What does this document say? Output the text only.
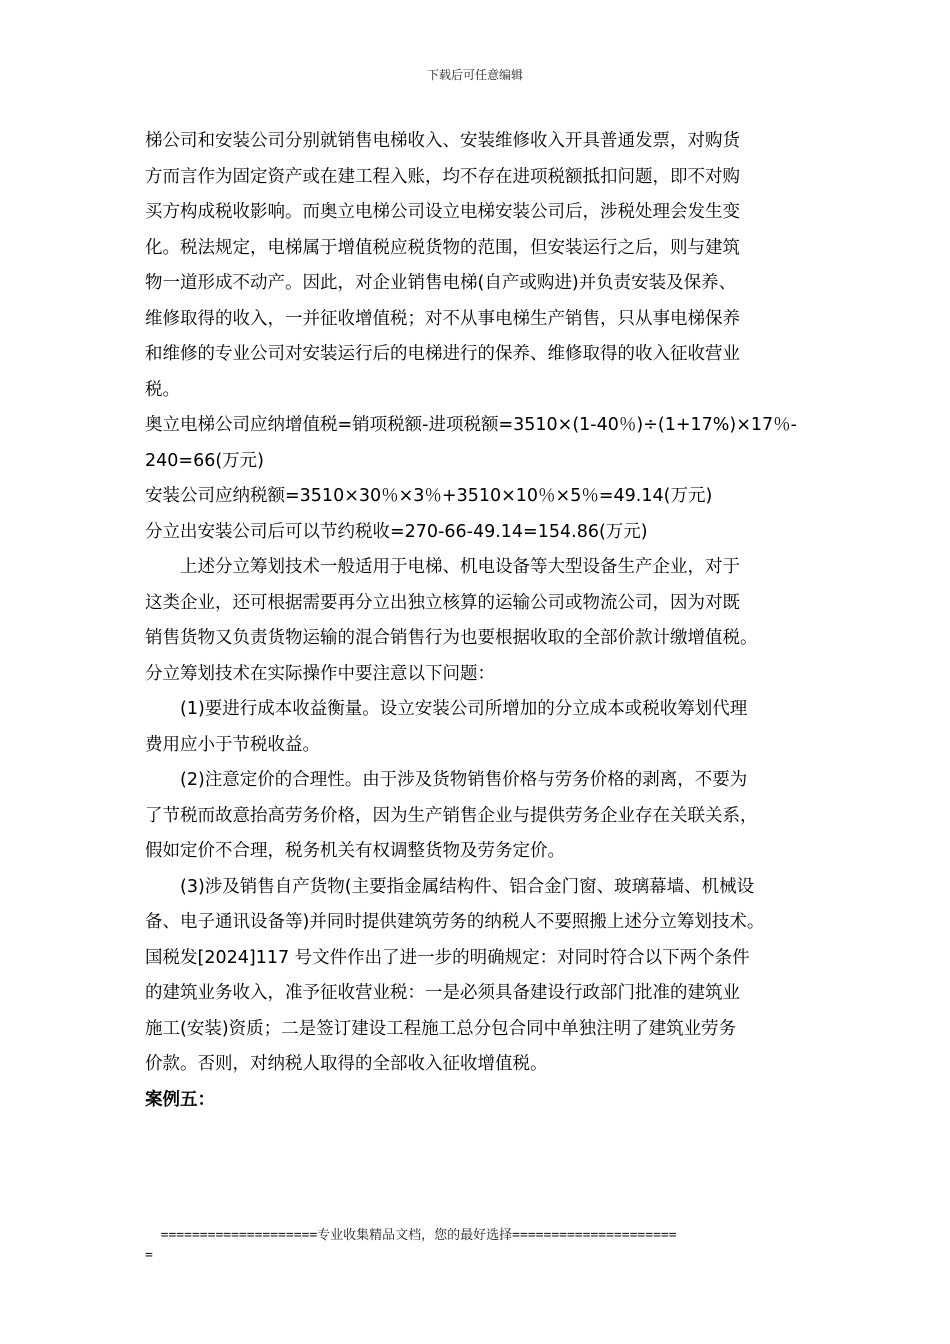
下载后可任意编辑
梯公司和安装公司分别就销售电梯收入、安装维修收入开具普通发票，对购货
方而言作为固定资产或在建工程入账，均不存在进项税额抵扣问题，即不对购
买方构成税收影响。而奥立电梯公司设立电梯安装公司后，涉税处理会发生变
化。税法规定，电梯属于增值税应税货物的范围，但安装运行之后，则与建筑
物一道形成不动产。因此，对企业销售电梯(自产或购进)并负责安装及保养、
维修取得的收入，一并征收增值税；对不从事电梯生产销售，只从事电梯保养
和维修的专业公司对安装运行后的电梯进行的保养、维修取得的收入征收营业
税。
奥立电梯公司应纳增值税=销项税额-进项税额=3510×(1-40％)÷(1+17%)×17％-
240=66(万元)
安装公司应纳税额=3510×30％×3％+3510×10％×5％=49.14(万元)
分立出安装公司后可以节约税收=270-66-49.14=154.86(万元)
上述分立筹划技术一般适用于电梯、机电设备等大型设备生产企业，对于
这类企业，还可根据需要再分立出独立核算的运输公司或物流公司，因为对既
销售货物又负责货物运输的混合销售行为也要根据收取的全部价款计缴增值税。
分立筹划技术在实际操作中要注意以下问题：
(1)要进行成本收益衡量。设立安装公司所增加的分立成本或税收筹划代理
费用应小于节税收益。
(2)注意定价的合理性。由于涉及货物销售价格与劳务价格的剥离，不要为
了节税而故意抬高劳务价格，因为生产销售企业与提供劳务企业存在关联关系，
假如定价不合理，税务机关有权调整货物及劳务定价。
(3)涉及销售自产货物(主要指金属结构件、铝合金门窗、玻璃幕墙、机械设
备、电子通讯设备等)并同时提供建筑劳务的纳税人不要照搬上述分立筹划技术。
国税发[2024]117 号文件作出了进一步的明确规定：对同时符合以下两个条件
的建筑业务收入，准予征收营业税：一是必须具备建设行政部门批准的建筑业
施工(安装)资质；二是签订建设工程施工总分包合同中单独注明了建筑业劳务
价款。否则，对纳税人取得的全部收入征收增值税。
案例五：
====================专业收集精品文档，您的最好选择=====================
=
